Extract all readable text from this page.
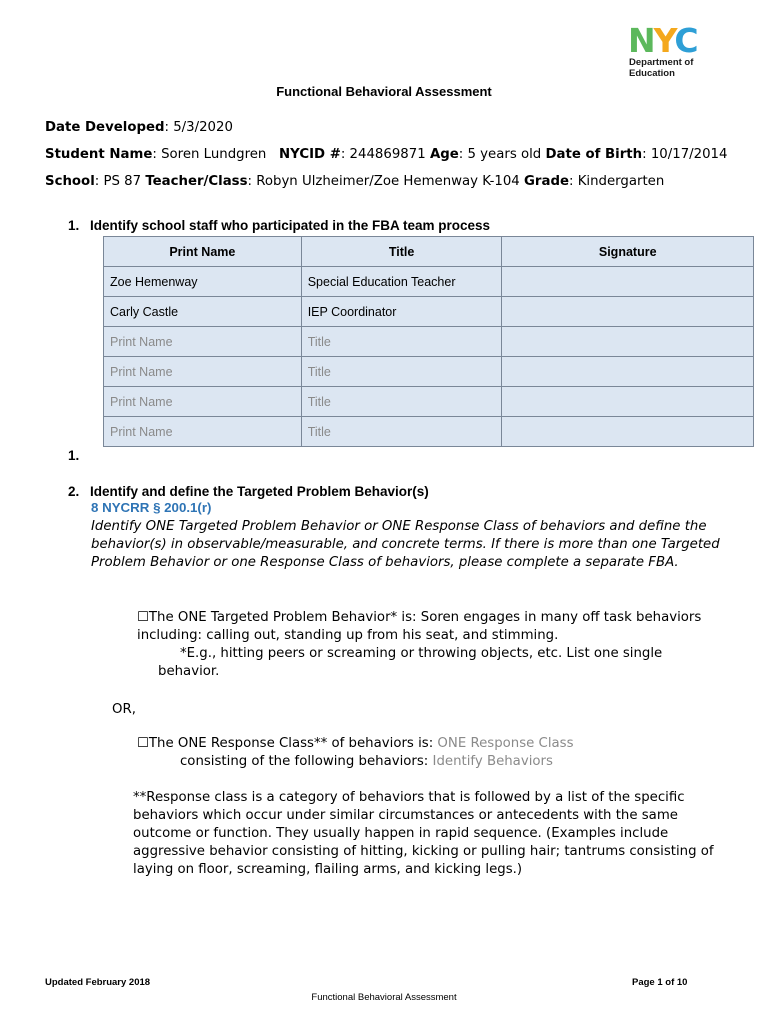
NYC
Department of
Education
Functional Behavioral Assessment
Date Developed: 5/3/2020
Student Name: Soren Lundgren NYCID #: 244869871 Age: 5 years old Date of Birth: 10/17/2014
School: PS 87 Teacher/Class: Robyn Ulzheimer/Zoe Hemenway K-104 Grade: Kindergarten
1. Identify school staff who participated in the FBA team process
Print Name	Title	Signature
Zoe Hemenway	Special Education Teacher	
Carly Castle	IEP Coordinator	
Print Name	Title	
Print Name	Title	
Print Name	Title	
Print Name	Title	
1.
2. Identify and define the Targeted Problem Behavior(s)
8 NYCRR § 200.1(r)
Identify ONE Targeted Problem Behavior or ONE Response Class of behaviors and define the behavior(s) in observable/measurable, and concrete terms. If there is more than one Targeted Problem Behavior or one Response Class of behaviors, please complete a separate FBA.
☐The ONE Targeted Problem Behavior* is: Soren engages in many off task behaviors including: calling out, standing up from his seat, and stimming.
*E.g., hitting peers or screaming or throwing objects, etc. List one single behavior.
OR,
☐The ONE Response Class** of behaviors is: ONE Response Class
consisting of the following behaviors: Identify Behaviors
**Response class is a category of behaviors that is followed by a list of the specific behaviors which occur under similar circumstances or antecedents with the same outcome or function. They usually happen in rapid sequence. (Examples include aggressive behavior consisting of hitting, kicking or pulling hair; tantrums consisting of laying on floor, screaming, flailing arms, and kicking legs.)
Updated February 2018	Page 1 of 10
Functional Behavioral Assessment
